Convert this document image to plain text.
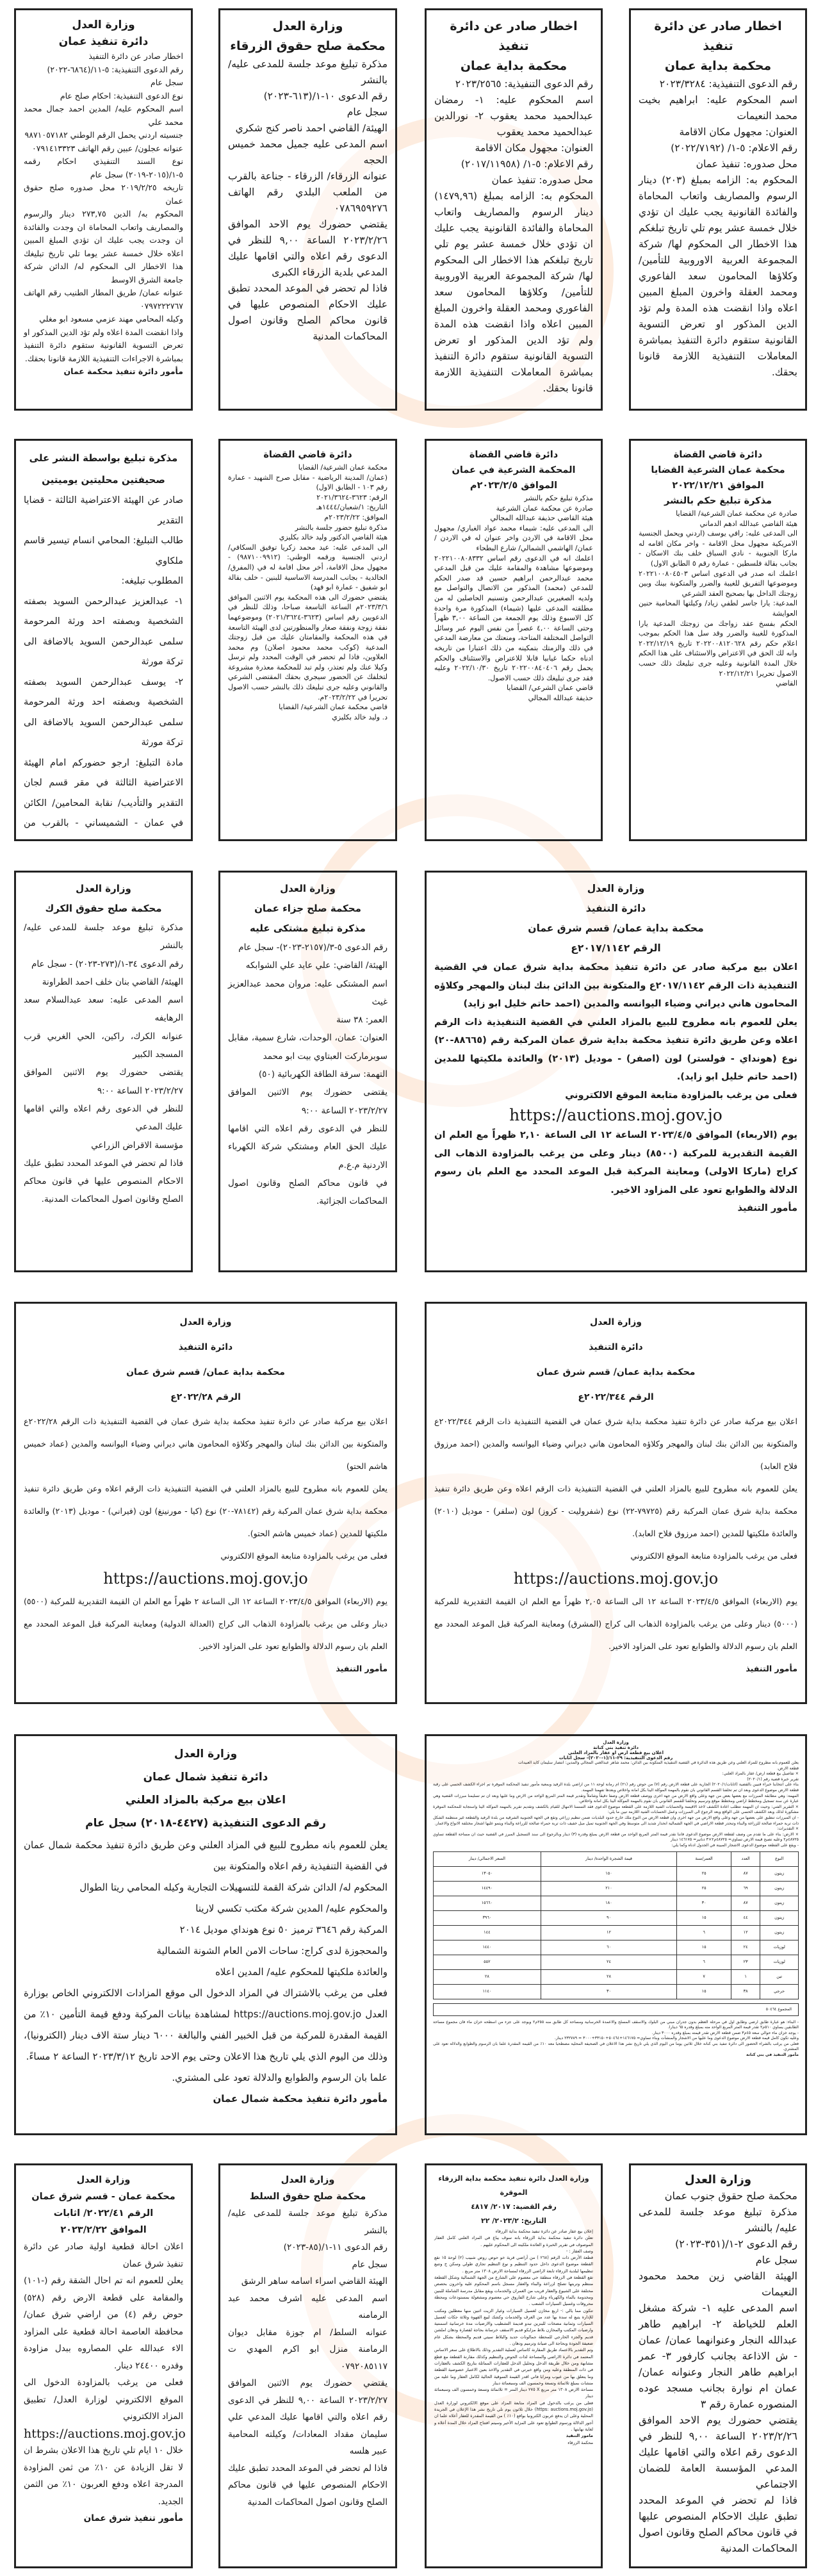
اخطار صادر عن دائرة تنفيذ
محكمة بداية عمان
رقم الدعوى التنفيذية: ٢٠٢٣/٣٢٨٤
اسم المحكوم عليه: ابراهيم بخيت محمد النعيمات
العنوان: مجهول مكان الاقامة
رقم الاعلام: ٥-١/ (٢٠٢٢/٧١٩٢)
محل صدوره: تنفيذ عمان
المحكوم به: الزامه بمبلغ (٢٠٣) دينار الرسوم والمصاريف واتعاب المحاماة والفائدة القانونية يجب عليك ان تؤدي خلال خمسة عشر يوم تلي تاريخ تبلغكم هذا الاخطار الى المحكوم لها/ شركة المجموعة العربية الاوروبية للتأمين/ وكلاؤها المحامون سعد الفاعوري ومحمد العقلة واخرون المبلغ المبين اعلاه واذا انقضت هذه المدة ولم تؤد الدين المذكور او تعرض التسوية القانونية ستقوم دائرة التنفيذ بمباشرة المعاملات التنفيذية اللازمة قانونا بحقك.
اخطار صادر عن دائرة تنفيذ
محكمة بداية عمان
رقم الدعوى التنفيذية: ٢٠٢٣/٢٥٦٥
اسم المحكوم عليه: ١- رمضان عبدالحميد محمد يعقوب ٢- نورالدين عبدالحميد محمد يعقوب
العنوان: مجهول مكان الاقامة
رقم الاعلام: ٥-١/ (٢٠١٧/١١٩٥٨)
محل صدوره: تنفيذ عمان
المحكوم به: الزامه بمبلغ (١٤٧٩,٩٦) دينار الرسوم والمصاريف واتعاب المحاماة والفائدة القانونية يجب عليك ان تؤدي خلال خمسة عشر يوم تلي تاريخ تبلغكم هذا الاخطار الى المحكوم لها/ شركة المجموعة العربية الاوروبية للتأمين/ وكلاؤها المحامون سعد الفاعوري ومحمد العقلة واخرون المبلغ المبين اعلاه واذا انقضت هذه المدة ولم تؤد الدين المذكور او تعرض التسوية القانونية ستقوم دائرة التنفيذ بمباشرة المعاملات التنفيذية اللازمة قانونا بحقك.
وزارة العدل
محكمة صلح حقوق الزرقاء
مذكرة تبليغ موعد جلسة للمدعى عليه/ بالنشر
رقم الدعوى ١٠-١/(٦١٣-٢٠٢٣)
سجل عام
الهيئة/ القاضي احمد ناصر كنج شكري
اسم المدعى عليه جميل محمد خميس الحجه
عنوانه الزرقاء/ الزرقاء - جناعة بالقرب من الملعب البلدي رقم الهاتف ٠٧٨٦٩٥٩٢٧٦
يقتضي حضورك يوم الاحد الموافق ٢٠٢٣/٢/٢٦ الساعة ٩,٠٠ للنظر في الدعوى رقم اعلاه والتي اقامها عليك المدعي بلدية الزرقاء الكبرى
فاذا لم تحضر في الموعد المحدد تطبق عليك الاحكام المنصوص عليها في قانون محاكم الصلح وقانون اصول المحاكمات المدنية
وزارة العدل
دائرة تنفيذ عمان
اخطار صادر عن دائرة التنفيذ
رقم الدعوى التنفيذية: ٥-١١/(٦٨٦٤-٢٠٢٢)
سجل عام
نوع الدعوى التنفيذية: احكام صلح عام
اسم المحكوم عليه/ المدين احمد جمال محمد محمد علي
جنسيته اردني يحمل الرقم الوطني ٩٨٧١٠٥٧١٨٢
عنوانه عجلون/ عبين رقم الهاتف ٠٧٩١٤١٣٣٢٣
نوع السند التنفيذي احكام رقمه ٥-١/(٢٠١٥-٢٠١٩) سجل عام
تاريخه ٢٠١٩/٢/٢٥ محل صدوره صلح حقوق عمان
المحكوم به/ الدين ٢٧٣,٧٥ دينار والرسوم والمصاريف واتعاب المحاماة ان وجدت والفائدة ان وجدت يجب عليك ان تؤدي المبلغ المبين اعلاه خلال خمسة عشر يوما تلي تاريخ تبليغك هذا الاخطار الى المحكوم له/ الدائن شركة جامعة الشرق الاوسط
عنوانه عمان/ طريق المطار الطنيب رقم الهاتف ٠٧٩٧٢٢٢٧٦٧
وكيله المحامي مهند عزمي مسعود ابو مغلي
واذا انقضت المدة اعلاه ولم تؤد الدين المذكور او تعرض التسوية القانونية ستقوم دائرة التنفيذ بمباشرة الاجراءات التنفيذية اللازمة قانونا بحقك.
مأمور دائرة تنفيذ محكمة عمان
دائرة قاضي القضاة
محكمة عمان الشرعية القضايا
الموافق ٢٠٢٢/١٢/٢١
مذكرة تبليغ حكم بالنشر
صادرة عن محكمة عمان الشرعية/ القضايا
هيئة القاضي عبدالله ادهم الدماني
الى المدعى عليه: رافي يوسف (اردني ويحمل الجنسية الامريكية مجهول محل الاقامة - واخر مكان اقامه له ماركا الجنوبية - نادي السباق خلف بنك الاسكان - بجانب بقالة فلسطين - عمارة رقم ٥ الطابق الاول)
اعلمك انه صدر في الدعوى اساس ٢٠٢٢١٠٠٨٠٤٥٠٣ وموضوعها التفريق للغيبة والضرر والمتكونة بينك وبين زوجتك الداخل بها بصحيح العقد الشرعي
المدعية: يارا جاسر لطفي زياد/ وكيلتها المحامية حنين العوايشة
الحكم بفسخ عقد زواجك من زوجتك المدعية يارا المذكورة للغيبة والضرر وقد سل هذا الحكم بموجب اعلام حكم رقم ٢٠٢٢٠٠٨١٢٠٦٢٨ تاريخ ٢٠٢٢/١٢/١٩ وانه لك الحق في الاعتراض والاستئناف على هذا الحكم خلال المدة القانونية وعليه جرى تبليغك ذلك حسب الاصول تحريرا ٢٠٢٢/١٢/٢١
القاضي
دائرة قاضي القضاة
المحكمة الشرعية في عمان
الموافق ٢٠٢٣/٢/٥م
مذكرة تبليغ حكم بالنشر
صادرة عن محكمة عمان الشرعية
هيئة القاضي حذيفة عبدالله المجالي
الى المدعى عليه: شيماء محمد عواد الغباري/ مجهول محل الاقامة في الاردن واخر عنوان له في الاردن / عمان/ الهاشمي الشمالي/ شارع البطحاء
اعلمك انه في الدعوى رقم اساس ٢٠٢٢١٠٠٨٠٨٣٣٢ وموضوعها مشاهدة والمقامة عليك من قبل المدعي محمد عبدالرحمن ابراهيم حسين قد صدر الحكم للمدعي (محمد) المذكور من الاتصال والتواصل مع ولديه الصغيرين عبدالرحمن وتسنيم الحاصلين له من مطلقته المدعى عليها (شيماء) المذكورة مرة واحدة كل الاسبوع وذلك يوم الجمعة من الساعة ٣,٠٠ ظهراً وحتى الساعة ٤,٠٠ عصراً من نفس اليوم عبر وسائل التواصل المختلفة المتاحة، ومنعتك من معارضة المدعي في ذلك والزمتك بتمكينه من ذلك اعتبارا من تاريخه ادناه حكما غيابيا قابلا للاعتراض والاستئناف والحكم يحمل رقم ٢٠٢٢٠٠٨٤٠٤٠٦ تاريخ ٢٠٢٢/١٠/٣٠ وعليه فقد جرى تبليغك ذلك حسب الاصول.
قاضي عمان الشرعي/ القضايا
حذيفة عبدالله المجالي
دائرة قاضي القضاة
محكمة عمان الشرعية/ القضايا
(عمان/ المدينة الرياضية - مقابل صرح الشهيد - عمارة رقم ١٠٣ - الطابق الاول)
الرقم: ٣٦٢٣-٢٠٢١/٣٦٢٤
التاريخ: ١/شعبان/١٤٤٤هـ
الموافق: ٢٠٢٣/٢/٢٢م
مذكرة تبليغ حضور جلسة بالنشر
هيئة القاضي الدكتور وليد خالد بكليزي
الى المدعى عليه: عيد محمد زكريا توفيق السكافي/ اردني الجنسية ورقمه الوطني: (٩٨٧١٠٠٩٩١٢) - مجهول محل الاقامة، أخر محل اقامة له في (المفرق/ الخالدية - بجانب المدرسة الاساسية للبنين - خلف بقالة ابو شفيق - عمارة ابو فهد)
يقتضي حضورك الى هذه المحكمة يوم الاثنين الموافق ٢٠٢٣/٣/٦م الساعة التاسعة صباحا، وذلك للنظر في الدعويين رقم اساس (٣٦٢٣-٢٠٢١/٣٦٢٤) وموضوعهما نفقة زوجة ونفقة صغار والمنظورتين لدى الهيئة التاسعة في هذه المحكمة والمقامتان عليك من قبل زوجتك المدعية (كوكب محمد محمود اصلان) وم محمد العلاوين، فاذا لم تحضر في الوقت المحدد ولم ترسل وكيلا عنك ولم تعتذر، ولم تبد للمحكمة معذرة مشروعة لتخلفك عن الحضور سيجري بحقك المقتضى الشرعي والقانوني وعليه جرى تبليغك ذلك بالنشر حسب الاصول تحريرا في ٢٠٢٣/٢/٢٢م.
قاضي محكمة عمان الشرعية/ القضايا
د. وليد خالد بكليزي
مذكرة تبليغ بواسطة النشر على صحيفتين محليتين يوميتين
صادر عن الهيئة الاعتراضية الثالثة - قضايا التقدير
طالب التبليغ: المحامي انسام تيسير قاسم ملكاوي
المطلوب تبليغه:
١- عبدالعزيز عبدالرحمن السويد بصفته الشخصية وبصفته احد ورثة المرحومة سلمى عبدالرحمن السويد بالاضافة الى تركة مورثة
٢- يوسف عبدالرحمن السويد بصفته الشخصية وبصفته احد ورثة المرحومة سلمى عبدالرحمن السويد بالاضافة الى تركة مورثة
مادة التبليغ: ارجو حضوركم امام الهيئة الاعتراضية الثالثة في مقر قسم لجان التقدير والتأديب/ نقابة المحامين/ الكائن في عمان - الشميساني - بالقرب من
وزارة العدل
دائرة التنفيذ
محكمة بداية عمان/ قسم شرق عمان
الرقم ٢٠١٧/١١٤٢ع
اعلان بيع مركبة صادر عن دائرة تنفيذ محكمة بداية شرق عمان في القضية التنفيذية ذات الرقم ٢٠١٧/١١٤٢ع والمتكونة بين الدائن بنك لبنان والمهجر وكلاؤه المحامون هاني ديراني وضياء اليوانسه والمدين (احمد حاتم خليل ابو زايد)
يعلن للعموم بانه مطروح للبيع بالمزاد العلني في القضية التنفيذية ذات الرقم اعلاه وعن طريق دائرة تنفيذ محكمة بداية شرق عمان المركبة رقم (٨٨٦٦٥-٢٠) نوع (هونداي - فولستر) لون (اصفر) - موديل (٢٠١٣) والعائدة ملكيتها للمدين (احمد حاتم خليل ابو زايد).
فعلى من يرغب بالمزاودة متابعة الموقع الالكتروني
https://auctions.moj.gov.jo
يوم (الاربعاء) الموافق ٢٠٢٣/٤/٥ الساعة ١٢ الى الساعة ٢,١٠ ظهراً مع العلم ان القيمة التقديرية للمركبة (٨٥٠٠) دينار وعلى من يرغب بالمزاودة الذهاب الى كراج (ماركا الاولى) ومعاينة المركبة قبل الموعد المحدد مع العلم بان رسوم الدلالة والطوابع تعود على المزاود الاخير.
مأمور التنفيذ
وزارة العدل
محكمة صلح جزاء عمان
مذكرة تبليغ مشتكى عليه
رقم الدعوى ٥-٣/(٢١٥٧-٢٠٢٣)- سجل عام
الهيئة/ القاضي: علي عايد علي الشوابكه
اسم المشتكى عليه: مروان محمد عبدالعزيز غيث
العمر: ٣٨ سنة
العنوان: عمان، الوحدات، شارع سمية، مقابل سوبرماركت العبتاوي بيت ابو محمد
التهمة: سرقة الطاقة الكهربائية (٥٠)
يقتضى حضورك يوم الاثنين الموافق ٢٠٢٣/٢/٢٧ الساعة ٩:٠٠
للنظر في الدعوى رقم اعلاه التي اقامها عليك الحق العام ومشتكي شركة الكهرباء الاردنية م.ع.م
في قانون محاكم الصلح وقانون اصول المحاكمات الجزائية.
وزارة العدل
محكمة صلح حقوق الكرك
مذكرة تبليغ موعد جلسة للمدعى عليه/ بالنشر
رقم الدعوى ٣٤-١/(٢٧٣-٢٠٢٣) - سجل عام
الهيئة/ القاضي بنان خلف احمد الطراونة
اسم المدعى عليه: سعد عبدالسلام سعد الرهايفه
عنوانه الكرك، راكين، الحي الغربي قرب المسجد الكبير
يقتضى حضورك يوم الاثنين الموافق ٢٠٢٣/٢/٢٧ الساعة ٩:٠٠
للنظر في الدعوى رقم اعلاه والتي اقامها عليك المدعي
مؤسسة الاقراض الزراعي
فاذا لم تحضر في الموعد المحدد تطبق عليك الاحكام المنصوص عليها في قانون محاكم الصلح وقانون اصول المحاكمات المدنية.
وزارة العدل
دائرة التنفيذ
محكمة بداية عمان/ قسم شرق عمان
الرقم ٢٠٢٢/٣٤٤ع
اعلان بيع مركبة صادر عن دائرة تنفيذ محكمة بداية شرق عمان في القضية التنفيذية ذات الرقم ٢٠٢٢/٣٤٤ع والمتكونة بين الدائن بنك لبنان والمهجر وكلاؤه المحامون هاني ديراني وضياء اليوانسه والمدين (احمد مرزوق فلاح العابد)
يعلن للعموم بانه مطروح للبيع بالمزاد العلني في القضية التنفيذية ذات الرقم اعلاه وعن طريق دائرة تنفيذ محكمة بداية شرق عمان المركبة رقم (٧٩٧٢٥-٢٢) نوع (شفروليت - كروز) لون (سلفر) - موديل (٢٠١٠) والعائدة ملكيتها للمدين (احمد مرزوق فلاح العابد).
فعلى من يرغب بالمزاودة متابعة الموقع الالكتروني
https://auctions.moj.gov.jo
يوم (الاربعاء) الموافق ٢٠٢٣/٤/٥ الساعة ١٢ الى الساعة ٢,٠٥ ظهراً مع العلم ان القيمة التقديرية للمركبة (٥٠٠٠) دينار وعلى من يرغب بالمزاودة الذهاب الى كراج (المشرق) ومعاينة المركبة قبل الموعد المحدد مع العلم بان رسوم الدلالة والطوابع تعود على المزاود الاخير.
مأمور التنفيذ
وزارة العدل
دائرة التنفيذ
محكمة بداية عمان/ قسم شرق عمان
الرقم ٢٠٢٢/٢٨ع
اعلان بيع مركبة صادر عن دائرة تنفيذ محكمة بداية شرق عمان في القضية التنفيذية ذات الرقم ٢٠٢٢/٢٨ع والمتكونة بين الدائن بنك لبنان والمهجر وكلاؤه المحامون هاني ديراني وضياء اليوانسه والمدين (عماد خميس هاشم الحتو)
يعلن للعموم بانه مطروح للبيع بالمزاد العلني في القضية التنفيذية ذات الرقم اعلاه وعن طريق دائرة تنفيذ محكمة بداية شرق عمان المركبة رقم (٧٨١٤٢-٢٠) نوع (كيا - مورنينغ) لون (فيراني) - موديل (٢٠١٣) والعائدة ملكيتها للمدين (عماد خميس هاشم الحتو).
فعلى من يرغب بالمزاودة متابعة الموقع الالكتروني
https://auctions.moj.gov.jo
يوم (الاربعاء) الموافق ٢٠٢٣/٤/٥ الساعة ١٢ الى الساعة ٢ ظهراً مع العلم ان القيمة التقديرية للمركبة (٥٥٠٠) دينار وعلى من يرغب بالمزاودة الذهاب الى كراج (العدالة الدولية) ومعاينة المركبة قبل الموعد المحدد مع العلم بان رسوم الدلالة والطوابع تعود على المزاود الاخير.
مأمور التنفيذ
وزارة العدل
دائرة تنفيذ بني كنانة
اعلان بيع قطعة ارض او عقار بالمزاد العلني
رقم الدعوى التنفيذية: ٢٩-١١/(١-٢٠٢٠)- سجل اثابات
يعلن للعموم بانه مطروح للمزاد العلني وعن طريق هذه الدائرة في القضية التنفيذية المتكونة بين الدائن: محمد شاهر عبدالغني المجالي والمدين: انتصار سليمان كايد العبيدات
قطعة الارض.
× تفاصيل بيع قطعة ارض/ عقار بالمزاد العلني:
تقرير خبرة قضية رقم (٢٠٢٠/١)
بناء على انتخابنا خبراء فنيين بالقضية (اثابات/٢٠٢٠/١) الجارية على قطعة الارض رقم (٧) من حوض رقم (٢١) ام رمانة لوحة ١١ من اراضي بلدة الرفيد وبمعية مأمور تنفيذ المحكمة الموقرة تم اجراء الكشف الحسي على رقبة قطعة الارض موضوع الدعوى وبعد ان تم تحلفنا القسم القانوني بان نقوم بالمهمة الموكلة الينا بكل امانة واخلاص وبعدها تفهمنا المهمة.
المهمة: وهي مطابقة المبرزات مع بعضها بعض من جهة وعلى واقع الارض من جهة اخرى ووصف قطعة الارض وصفا دقيقاً وشاملاً وتقدير قيمة المتر المربع الواحد من الارض وما عليها وبعد ان تم تسليمنا مبرزات القضية وهي عبارة عن سند تسجيل ومخطط اراضي ومخطط موقع وترسيم وتحلفنا للقسم القانوني بان نقوم بالمهمة الموكلة الينا بكل امانة واخلاص.
× التقرير الفني: وحيث ان المهمة تتطلب اعادة الكشف لاخذ الاقيسة والحسابات الفنية اللازمة على القطعة موضوع الدعوى فقد التمسنا الامهال للقيام بالكشف وتقديم تقرير بالمهمة الموكلة الينا واستجابة للمحكمة الموقرة مشكورة لذلك وبعد الكشف الحسي على الواقع وبعد الرجوع الى المبرزات وعمل الحسابات الفنية اللازمة تبين ما يلي:
- ان المبرزات تنطبق على بعضها من جهة وعلى واقع الارض من جهة اخرى وان قطعة الارض من النوع ملك خارج حدود البلديات ضمن تنظيم زراعي وتقع في الجهة الجنوبية الشرقية من بلدة الرفيد والقطعة غير منتظمة الشكل ذات تربة حمراء صالحة للزراعة والبناء وتنحدر قطعة الاراضي في الجهة الشمالية انحدار شديد الى متوسط وفي الجهة الجنوبية تميل ميل خفيف ذات تربة حمراء صالحة للزراعة والبناء ويتمو عليها اشجار مختلفة الانواع والاعمار.
× التقديرات:
× الارض: بناء على ما تقدم من وصف لقطعة الارض موضوع الدعوى فاننا نقدر قيمة المتر المربع الواحد من قطعة الارض بمبلغ وقدره (٣) دينار وبالرجوع الى سند التسجيل المبرز في القضية حيث ان مساحة القطعة تساوي ٤٨٧٢٥م٢ وعليه تصبح قيمة الارض تساوي= ٤٨٧٢٥م٢×٣ دنانير= ١٤٦١٧٥ دينار
- ويقع على القطعة موضوع الدعوى الاشجار المبينة في الجدول ادناه وكما يلي:
النوع	العدد	العمر/سنة	قيمة الشجرة الواحدة/ دينار	السعر الاجمالي/ دينار
زيتون	٨٧	٢٥	١٥٠	١٣٠٥٠
زيتون	٦٩	٢٥	٢١٠	١٤٤٩٠
زيتون	٨٧	٣٠	١٨٠	١٥٦٦٠
زيتون	٤٤	١٥	٩٠	٣٩٦٠
زيتون	١٢	٦	١٢	١٤٤
لوزيات	٢٤	١٥	٦٠	١٤٤٠
لوزيات	٢٣	٦	٢٤	٥٥٢
تين	١	٧	٢٨	٢٨
حرجي	٣٨	١٥	٣٠	١١٤٠
المجموع ٥٠٤٦٤
- البناء: هو عبارة طابق ارضي وطابق اول في مرحلة العظم بدون جدران مبني من البلوك والاسقف المسلح والاعمدة الخرسانية ومساحة كل طابق منه ٢٥٥م٢ ويوجد على جزء من اسطحه خزان ماء فان مجموع مساحة الطابقين يساوي ٥١٠م٢ تقدر قيمة المتر المربع الواحد منه بمبلغ وقدره ٦٥ دينارا.
- يوجد خزان ماء حوالي سعة ٤٥م٣ ضمن قطعة الارض تقدر قيمته بمبلغ وقدره ٣٠٠٠ دينار.
وعليه تكون كامل قيمة قطعة الارض موضوع الدعوى وما عليها من الاشجار والمنشآت وبناء تساوي= ١٤٦١٧٥+٥٠٤٦٤+٣٣١٥٠+٣٠٠٠ = ٢٣٢٧٨٩ دينار.
فعلى من يرغب بالشراء الحضور الى دائرة تنفيذ بني كنانة خلال ثلاثين يوما من اليوم الذي يلي تاريخ نشر هذا الاعلان في الصحيفة المحلية مصطحبا معه ١٠٪ من القيمة المقدرة علما بان الرسوم والطوابع والدلالة تعود على المشتري.
مأمور التنفيذ في بني كنانة
وزارة العدل
دائرة تنفيذ شمال عمان
اعلان بيع مركبة بالمزاد العلني
رقم الدعوى التنفيذية (٤٤٢٧-٢٠١٨) سجل عام
يعلن للعموم بانه مطروح للبيع في المزاد العلني وعن طريق دائرة تنفيذ محكمة شمال عمان في القضية التنفيذية رقم اعلاه والمتكونة بين
المحكوم له/ الدائن شركة القمة للتسهيلات التجارية وكيله المحامي ريتا الطوال
والمحكوم عليه/ المدين شركة مكتب تكسي لارينا
المركبة رقم ٣٦٤٦ ترميز ٥٠ نوع هونداي موديل ٢٠١٤
والمحجوزة لدى كراج: ساحات الامن العام الشونة الشمالية
والعائدة ملكيتها للمحكوم عليه/ المدين اعلاه
فعلى من يرغب بالاشتراك في المزاد الدخول الى موقع المزادات الالكتروني الخاص بوزارة العدل https://auctions.moj.gov.jo لمشاهدة بيانات المركبة ودفع قيمة التأمين ١٠٪ من القيمة المقدرة للمركبة من قبل الخبير الفني والبالغة ٦٠٠٠ دينار ستة الاف دينار (الكترونيا)، وذلك من اليوم الذي يلي تاريخ هذا الاعلان وحتى يوم الاحد تاريخ ٢٠٢٣/٣/١٢ الساعة ٢ مساءً.
علما بان الرسوم والطوابع والدلالة تعود على المشتري.
مأمور دائرة تنفيذ محكمة شمال عمان
وزارة العدل
محكمة صلح حقوق جنوب عمان
مذكرة تبليغ موعد جلسة للمدعى عليه/ بالنشر
رقم الدعوى ٢-١/(٣٥١-٢٠٢٣)
سجل عام
الهيئة القاضي زين محمد محمود النعيمات
اسم المدعى عليه ١- شركة مشغل العلم للخياطة ٢- ابراهيم طاهر عبدالله النجار وعنوانهما عمان/ عمان - ش الاذاعة بجانب كارفور ٣- عمر ابراهيم طاهر النجار وعنوانه عمان/ عمان ام نوارة بجانب مسجد عوده المنصوره عمارة رقم ٣
يقتضي حضورك يوم الاحد الموافق ٢٠٢٣/٢/٢٦ الساعة ٩,٠٠ للنظر في الدعوى رقم اعلاه والتي اقامها عليك المدعي المؤسسة العامة للضمان الاجتماعي
فاذا لم تحضر في الموعد المحدد تطبق عليك الاحكام المنصوص عليها في قانون محاكم الصلح وقانون اصول المحاكمات المدنية
وزارة العدل دائرة تنفيذ محكمة بداية الزرقاء الموقرة
رقم القضية: ٢٠١٧/ ٤٨١٧
التاريخ: ٢٠٢٣/٢/ ٢٢
إعلان بيع عقار صادر عن دائرة تنفيذ محكمة بداية الزرقاء
تعلن دائرة تنفيذ محكمة بداية الزرقاء بانه سوف يباع في المزاد العلني كامل العقار الموصوف في تقرير الخبرة و العائدة ملكيته الى المحكوم عليهم .
وصف العقار : -
قطعة الأرض ذات الرقم (٢٦٨ ) من أراضي قرية خو حوض روض شبيب (٢) لوحة ١٥ تقع القطعة موضوع الدعوى داخل حدود التنظيم و نوع التنظيم تجاري طولي وسكن ج وتتبع تنظيمها لبلدية الزرقاء تابعة لاراضي الزرقاء لمساحة الارض ١٣٠٨ متر مربع .
تقع القطعة في الزرقاء منطقة حي معصوم على الشارع من الجهة الشمالية وشكل القطعة منتظم وتربتها تصلح لزراعة والبناء والعقار مسجل باسم المحكوم عليه واخرون بحصص مختلفة على الشيوع والعقار قريب من العمران والخدمات ويقع مقابل مدرسة الشاملة للبنين ومخدومة بالماء والكهرباء وعلى شارع الفاروق حي معصوم ومشغولة بمستودعات ومحطة محروقات وغسيل السيارات الشعب .
تتكون مما يالي :- اربع مخازن لغسيل السيارات وغيار الزيت اثنين منها معطلين ومكتب للإدارة يتبع له سدة بها عدد من الغرف والخدمات وكشك لبيع القهوة وثلاثة جكات لغسيل السيارات وثمانية مضخات للبنزين تبدو قديمة التشطيب والارضيات مدة خرسانية اسمنتية وارضيات المكتب والمخازن بلاط مزايكو قديم الاسقف خرسانة بحاجة لقصارة ودهان املشن قديم والجزء الخارجي للمحطة جمالونات حديد والبلاط سيتي قديم والمحطة بشكل عام ضعيفة الجودة وبحاجة الى صيانة وترميم ودهان .
وتم التقدير بالاعتماد طريق المقارنة كاساس لعملية التقدير وذلك بالاطلاع على سعر الاساس المعتمد في دائرة الاراضي والمساحة لذات الحوض والتنظيم وكذلك مقارنة القطعة مع قطع مشابهة ومن خلال طريقة الدخل وتحليل الدخل للعقارات المماثلة بتاريخ الكشف بالعقارات في ذات المنطقة وعليه ومن واقع خبرتي في التقدير والاخذ بعين الاعتبار خصوصية القطعة وما يتعلق بها من عيوب ومزايا فاني اقدر القيمة السوقية الحالية لكامل العقار وما عليه من منشات بمبلغ ثلاثمائة وتسعة وخمسون الف وسبعمائة دينار
مساحة الارض ١٣٠٨ متر مربع X ٢٧٥ دينار المتر = ثلاثمائة وتسعة وخمسون الف وسبعمائة دينار
فعلى من يرغب بالدخول في المزاد متابعة المزاد على موقع الالكتروني لوزارة العدل (https: auctions.moj.gov.jo) خلال ثلاثون يوم تلي تاريخ نشر هذا الإعلان في الجريدة المحلية وعلى ان يدفع عربون الكترونيا بواقع (١٠٪ ) من القيمة المقدرة للعقار أعلاه علما ان أجور الدلالة ورسوم الطوابع تعود على المزايد الأخير وسيتم افتتاح المزاد خلال المدة أعلاه و لغاية نهايتها .
مامور التنفيذ
محكمة الزرقاء
وزارة العدل
محكمة صلح حقوق السلط
مذكرة تبليغ موعد جلسة للمدعى عليه/ بالنشر
رقم الدعوى ١١-١/(٨٥-٢٠٢٣)
سجل عام
الهيئة القاضي اسراء اسامه ساهر الرشق
اسم المدعى عليه اشرف محمد عبد الرمامنه
عنوانه السلط/ ام جوزة مقابل ديوان الرمامنة منزل ابو اكرم المهدي ت ٠٧٩٢٠٨٥١١٧
يقتضي حضورك يوم الاثنين الموافق ٢٠٢٣/٢/٢٧ الساعة ٩,٠٠ للنظر في الدعوى رقم اعلاه والتي اقامها عليك المدعي علي سليمان مقداد المعادات/ وكيلته المحامية عبير هلسه
فاذا لم تحضر في الموعد المحدد تطبق عليك الاحكام المنصوص عليها في قانون محاكم الصلح وقانون اصول المحاكمات المدنية
وزارة العدل
محكمة عمان - قسم شرق عمان
الرقم ٢٠٢٢/٤١/ اثابات
الموافق ٢٠٢٣/٢/٢٢
اعلان احالة قطعية اولية صادر عن دائرة تنفيذ شرق عمان
يعلن للعموم انه تم احال الشقة رقم (-١٠١) والمقامة على قطعة الارض رقم (٥٢٨) حوض رقم (٤) من اراضي شرق عمان/ محافظة العاصمة احالة قطعية على المزاود الاء عبدالله علي المصاروه ببدل مزاودة وقدره ٢٤٤٠٠ دينار.
فعلى من يرغب بالمزاودة الدخول الى الموقع الالكتروني لوزارة العدل/ تطبيق المزاد الالكتروني
https://auctions.moj.gov.jo
خلال ١٠ ايام تلي تاريخ هذا الاعلان بشرط ان لا تقل الزيادة عن ١٠٪ من ثمن المزاودة المدرجة اعلاه ودفع العربون ١٠٪ من الثمن الجديد.
مأمور تنفيذ شرق عمان
